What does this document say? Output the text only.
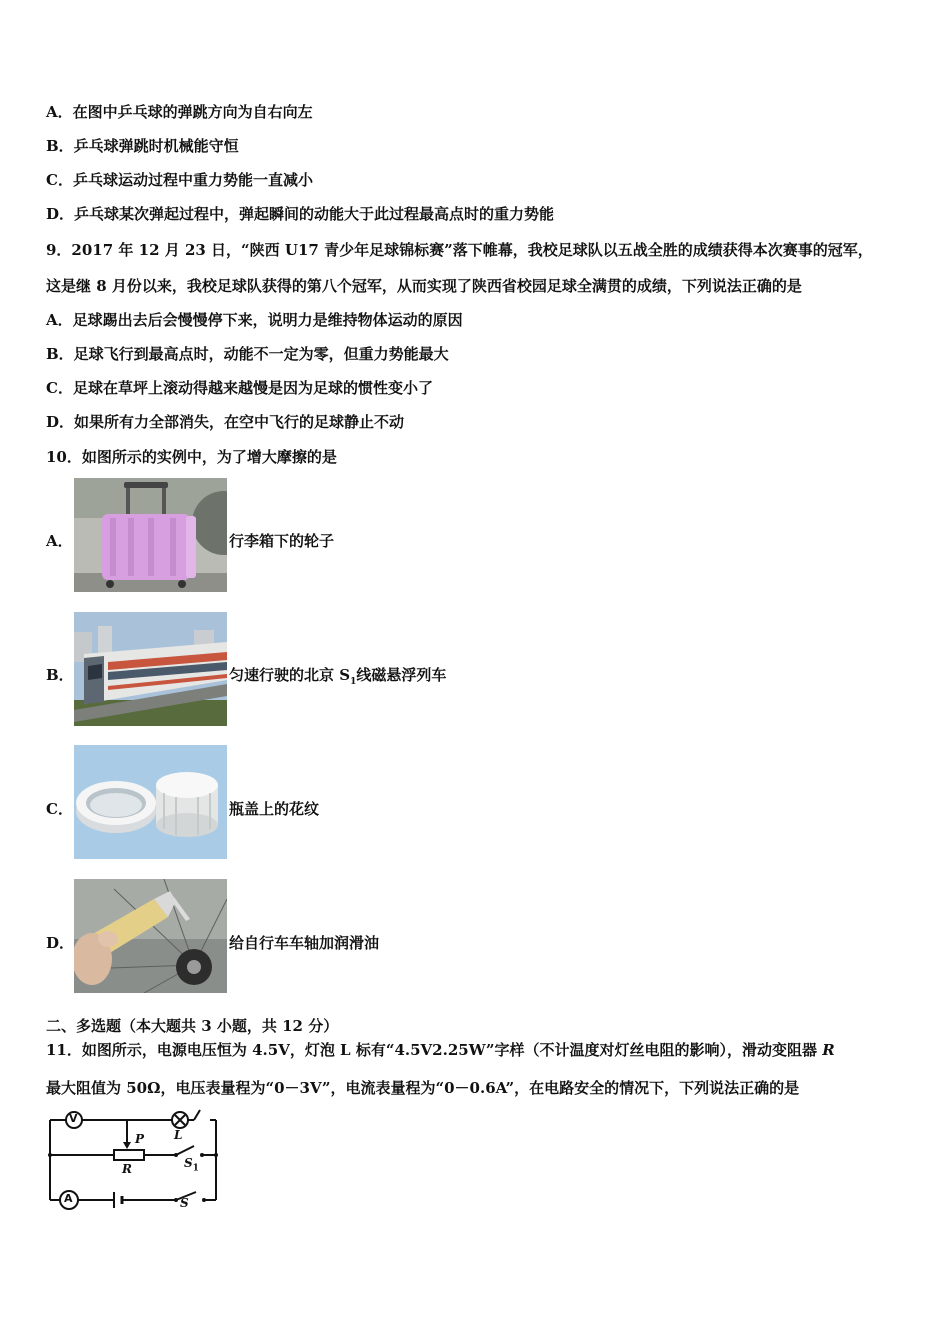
A．在图中乒乓球的弹跳方向为自右向左
B．乒乓球弹跳时机械能守恒
C．乒乓球运动过程中重力势能一直减小
D．乒乓球某次弹起过程中，弹起瞬间的动能大于此过程最高点时的重力势能
9．2017 年 12 月 23 日，“陕西 U17 青少年足球锦标赛”落下帷幕，我校足球队以五战全胜的成绩获得本次赛事的冠军，
这是继 8 月份以来，我校足球队获得的第八个冠军，从而实现了陕西省校园足球全满贯的成绩，下列说法正确的是
A．足球踢出去后会慢慢停下来，说明力是维持物体运动的原因
B．足球飞行到最高点时，动能不一定为零，但重力势能最大
C．足球在草坪上滚动得越来越慢是因为足球的惯性变小了
D．如果所有力全部消失，在空中飞行的足球静止不动
10．如图所示的实例中，为了增大摩擦的是
A．	行李箱下的轮子
B．	匀速行驶的北京 $S_1$线磁悬浮列车
C．	瓶盖上的花纹
D．	给自行车车轴加润滑油
二、多选题（本大题共 3 小题，共 12 分）
11．如图所示，电源电压恒为 4.5V，灯泡 L 标有“4.5V2.25W”字样（不计温度对灯丝电阻的影响），滑动变阻器 R
最大阻值为 50Ω，电压表量程为“0－3V”，电流表量程为“0－0.6A”，在电路安全的情况下，下列说法正确的是
V
A
L
P
R	$S_1$
S
